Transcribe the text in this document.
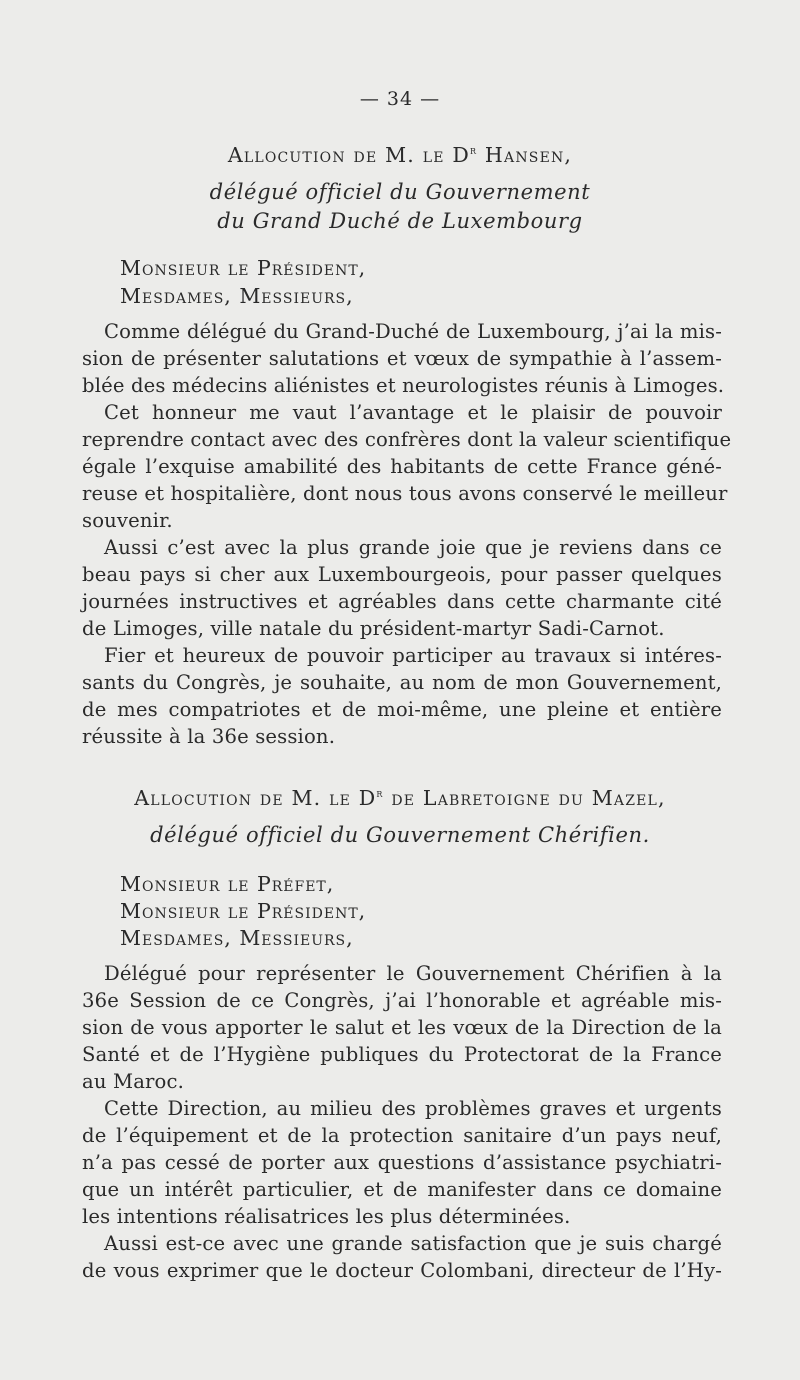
— 34 —
Allocution de M. le $D^r$ Hansen,
délégué officiel du Gouvernement
du Grand Duché de Luxembourg
Monsieur le Président,
Mesdames, Messieurs,
Comme délégué du Grand-Duché de Luxembourg, j’ai la mis-
sion de présenter salutations et vœux de sympathie à l’assem-
blée des médecins aliénistes et neurologistes réunis à Limoges.
Cet honneur me vaut l’avantage et le plaisir de pouvoir
reprendre contact avec des confrères dont la valeur scientifique
égale l’exquise amabilité des habitants de cette France géné-
reuse et hospitalière, dont nous tous avons conservé le meilleur
souvenir.
Aussi c’est avec la plus grande joie que je reviens dans ce
beau pays si cher aux Luxembourgeois, pour passer quelques
journées instructives et agréables dans cette charmante cité
de Limoges, ville natale du président-martyr Sadi-Carnot.
Fier et heureux de pouvoir participer au travaux si intéres-
sants du Congrès, je souhaite, au nom de mon Gouvernement,
de mes compatriotes et de moi-même, une pleine et entière
réussite à la 36e session.
Allocution de M. le $D^r$ de Labretoigne du Mazel,
délégué officiel du Gouvernement Chérifien.
Monsieur le Préfet,
Monsieur le Président,
Mesdames, Messieurs,
Délégué pour représenter le Gouvernement Chérifien à la
36e Session de ce Congrès, j’ai l’honorable et agréable mis-
sion de vous apporter le salut et les vœux de la Direction de la
Santé et de l’Hygiène publiques du Protectorat de la France
au Maroc.
Cette Direction, au milieu des problèmes graves et urgents
de l’équipement et de la protection sanitaire d’un pays neuf,
n’a pas cessé de porter aux questions d’assistance psychiatri-
que un intérêt particulier, et de manifester dans ce domaine
les intentions réalisatrices les plus déterminées.
Aussi est-ce avec une grande satisfaction que je suis chargé
de vous exprimer que le docteur Colombani, directeur de l’Hy-
